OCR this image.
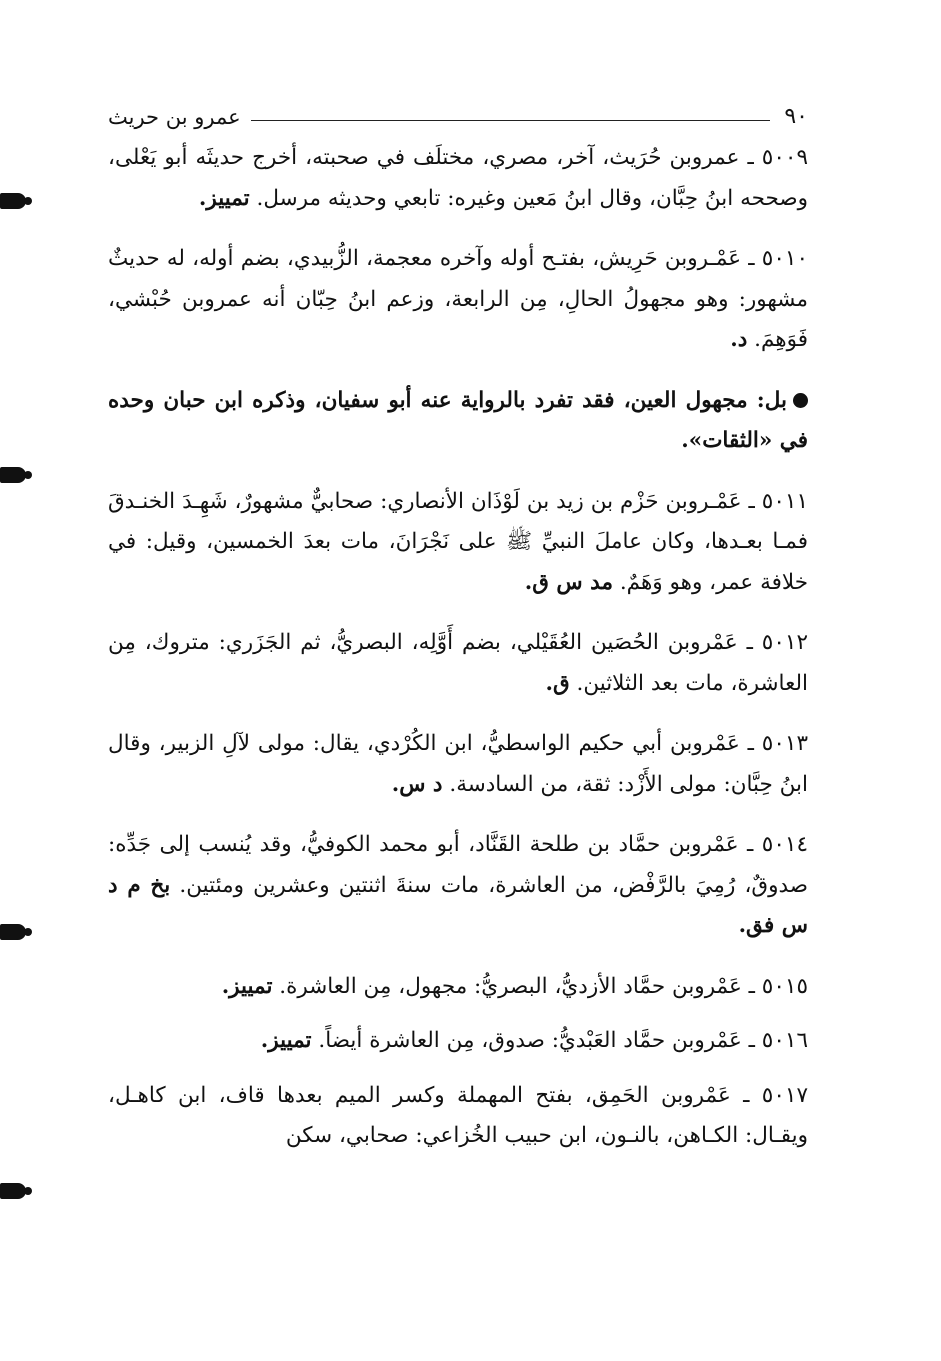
٩٠
عمرو بن حريث

٥٠٠٩ ـ عمروبن حُرَيث، آخر، مصري، مختلَف في صحبته، أخرج حديثَه أبو يَعْلى، وصححه ابنُ حِبَّان، وقال ابنُ مَعين وغيره: تابعي وحديثه مرسل. تمييز.

٥٠١٠ ـ عَمْـروبن حَرِيش، بفتـح أوله وآخره معجمة، الزُّبيدي، بضم أوله، له حديثٌ مشهور: وهو مجهولُ الحالِ، مِن الرابعة، وزعم ابنُ حِبّان أنه عمروبن حُبْشي، فَوَهِمَ. د.

بل: مجهول العين، فقد تفرد بالرواية عنه أبو سفيان، وذكره ابن حبان وحده في «الثقات».

٥٠١١ ـ عَمْـروبن حَزْم بن زيد بن لَوْذَان الأنصاري: صحابيٌّ مشهورٌ، شَهِـدَ الخنـدقَ فمـا بعـدها، وكان عاملَ النبيِّ ﷺ على نَجْرَانَ، مات بعدَ الخمسين، وقيل: في خلافة عمر، وهو وَهَمٌ. مد س ق.

٥٠١٢ ـ عَمْروبن الحُصَين العُقَيْلي، بضم أَوَّلِه، البصريُّ، ثم الجَزَري: متروك، مِن العاشرة، مات بعد الثلاثين. ق.

٥٠١٣ ـ عَمْروبن أبي حكيم الواسطيُّ، ابن الكُرْدي، يقال: مولى لآلِ الزبير، وقال ابنُ حِبَّان: مولى الأَزْد: ثقة، من السادسة. د س.

٥٠١٤ ـ عَمْروبن حمَّاد بن طلحة القَنَّاد، أبو محمد الكوفيُّ، وقد يُنسب إلى جَدِّه: صدوقٌ، رُمِيَ بالرَّفْض، من العاشرة، مات سنةَ اثنتين وعشرين ومئتين. بخ م د س فق.

٥٠١٥ ـ عَمْروبن حمَّاد الأزديُّ، البصريُّ: مجهول، مِن العاشرة. تمييز.

٥٠١٦ ـ عَمْروبن حمَّاد العَبْديُّ: صدوق، مِن العاشرة أيضاً. تمييز.

٥٠١٧ ـ عَمْروبن الحَمِق، بفتح المهملة وكسر الميم بعدها قاف، ابن كاهـل، ويقـال: الكـاهن، بالنـون، ابن حبيب الخُزاعي: صحابي، سكن
